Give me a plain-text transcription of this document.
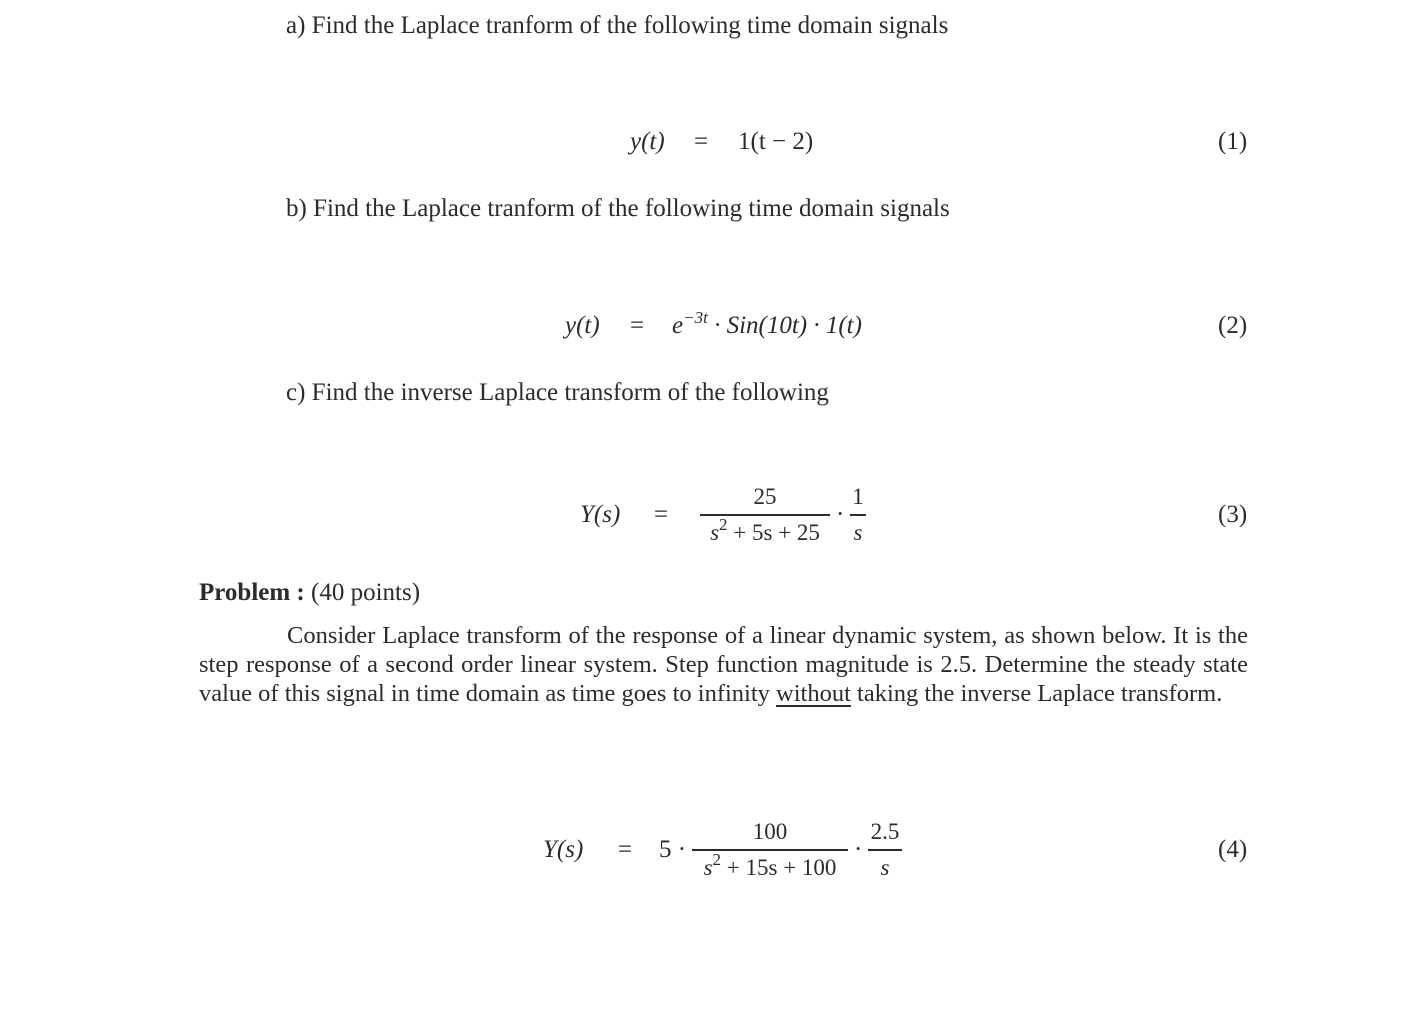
a) Find the Laplace tranform of the following time domain signals
y(t) = 1(t − 2)	(1)
b) Find the Laplace tranform of the following time domain signals
$y(t) = e^{-3t} \cdot Sin(10t) \cdot 1(t)$	(2)
c) Find the inverse Laplace transform of the following
Y(s) =
25
$s^2 + 5s + 25$
·
1
s
(3)
Problem : (40 points)
Consider Laplace transform of the response of a linear dynamic system, as shown below. It is the step response of a second order linear system. Step function magnitude is 2.5. Determine the steady state value of this signal in time domain as time goes to infinity without taking the inverse Laplace transform.
Y(s) = 5 ·
100
$s^2 + 15s + 100$
·
2.5
s
(4)
